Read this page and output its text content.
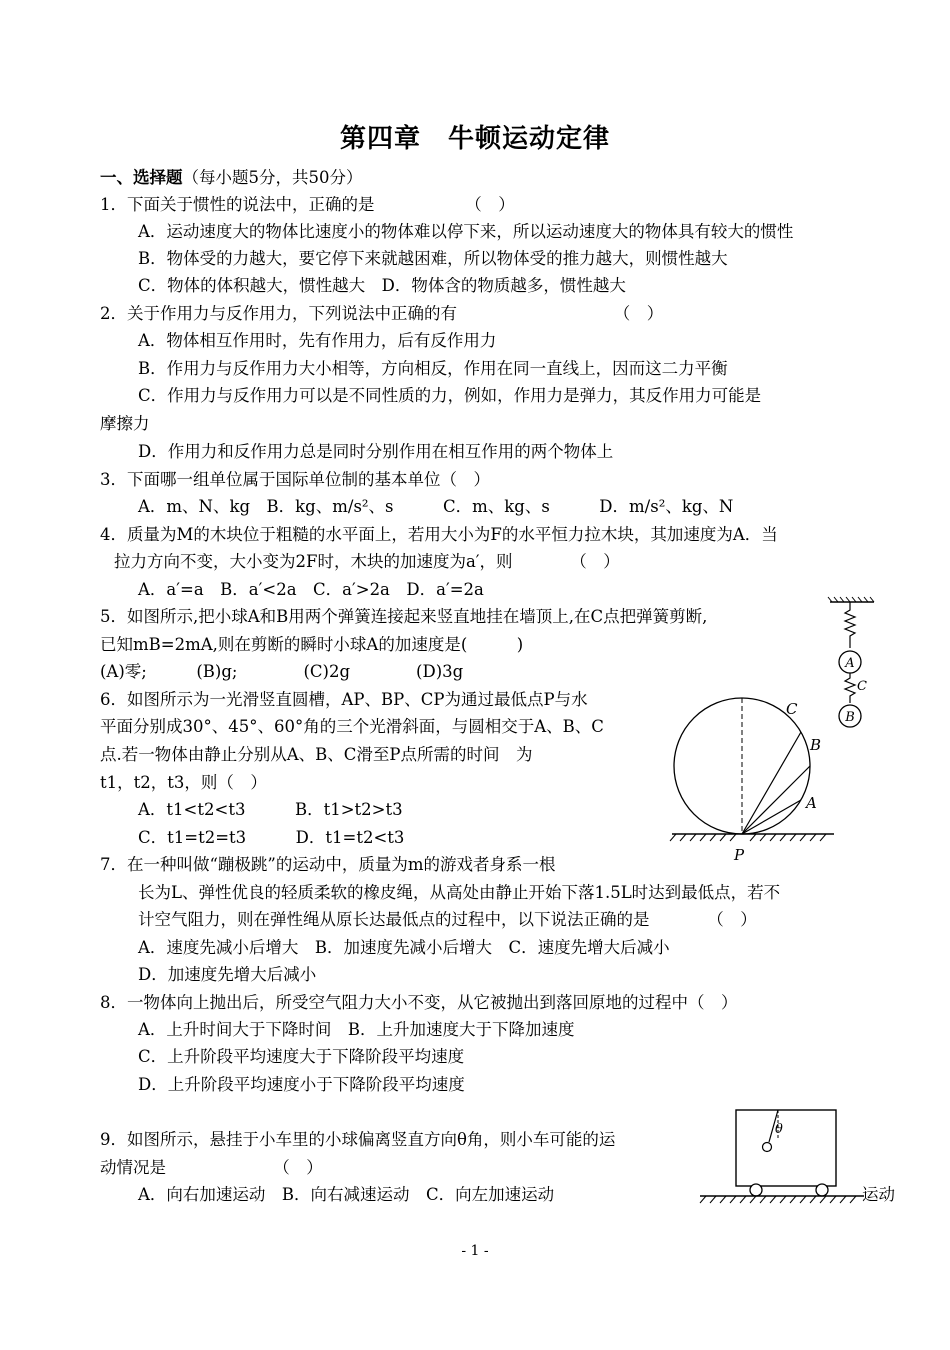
第四章　牛顿运动定律
一、选择题（每小题5分，共50分）
1．下面关于惯性的说法中，正确的是　　　　　　（　）
A．运动速度大的物体比速度小的物体难以停下来，所以运动速度大的物体具有较大的惯性
B．物体受的力越大，要它停下来就越困难，所以物体受的推力越大，则惯性越大
C．物体的体积越大，惯性越大　D．物体含的物质越多，惯性越大
2．关于作用力与反作用力，下列说法中正确的有　　　　　　　　　　（　）
A．物体相互作用时，先有作用力，后有反作用力
B．作用力与反作用力大小相等，方向相反，作用在同一直线上，因而这二力平衡
C．作用力与反作用力可以是不同性质的力，例如，作用力是弹力，其反作用力可能是
摩擦力
D．作用力和反作用力总是同时分别作用在相互作用的两个物体上
3．下面哪一组单位属于国际单位制的基本单位（　）
A．m、N、kg　B．kg、m/s²、s　　　C．m、kg、s　　　D．m/s²、kg、N
4．质量为M的木块位于粗糙的水平面上，若用大小为F的水平恒力拉木块，其加速度为A．当
拉力方向不变，大小变为2F时，木块的加速度为a′，则　　　　（　）
A．a′=a　B．a′<2a　C．a′>2a　D．a′=2a
5．如图所示,把小球A和B用两个弹簧连接起来竖直地挂在墙顶上,在C点把弹簧剪断,
已知mB=2mA,则在剪断的瞬时小球A的加速度是(　　　)
(A)零;　　　(B)g;　　　　(C)2g　　　　(D)3g
6．如图所示为一光滑竖直圆槽，AP、BP、CP为通过最低点P与水
平面分别成30°、45°、60°角的三个光滑斜面，与圆相交于A、B、C
点.若一物体由静止分别从A、B、C滑至P点所需的时间　为
t1，t2，t3，则（　）
A．t1<t2<t3　　　B．t1>t2>t3
C．t1=t2=t3　　　D．t1=t2<t3
7．在一种叫做“蹦极跳”的运动中，质量为m的游戏者身系一根
长为L、弹性优良的轻质柔软的橡皮绳，从高处由静止开始下落1.5L时达到最低点，若不
计空气阻力，则在弹性绳从原长达最低点的过程中，以下说法正确的是　　　　（　）
A．速度先减小后增大　B．加速度先减小后增大　C．速度先增大后减小
D．加速度先增大后减小
8．一物体向上抛出后，所受空气阻力大小不变，从它被抛出到落回原地的过程中（　）
A．上升时间大于下降时间　B．上升加速度大于下降加速度
C．上升阶段平均速度大于下降阶段平均速度
D．上升阶段平均速度小于下降阶段平均速度
9．如图所示，悬挂于小车里的小球偏离竖直方向θ角，则小车可能的运
动情况是　　　　　　　（　）
A．向右加速运动　B．向右减速运动　C．向左加速运动
A
C
B
A
B
C
P
θ
运动
- 1 -
